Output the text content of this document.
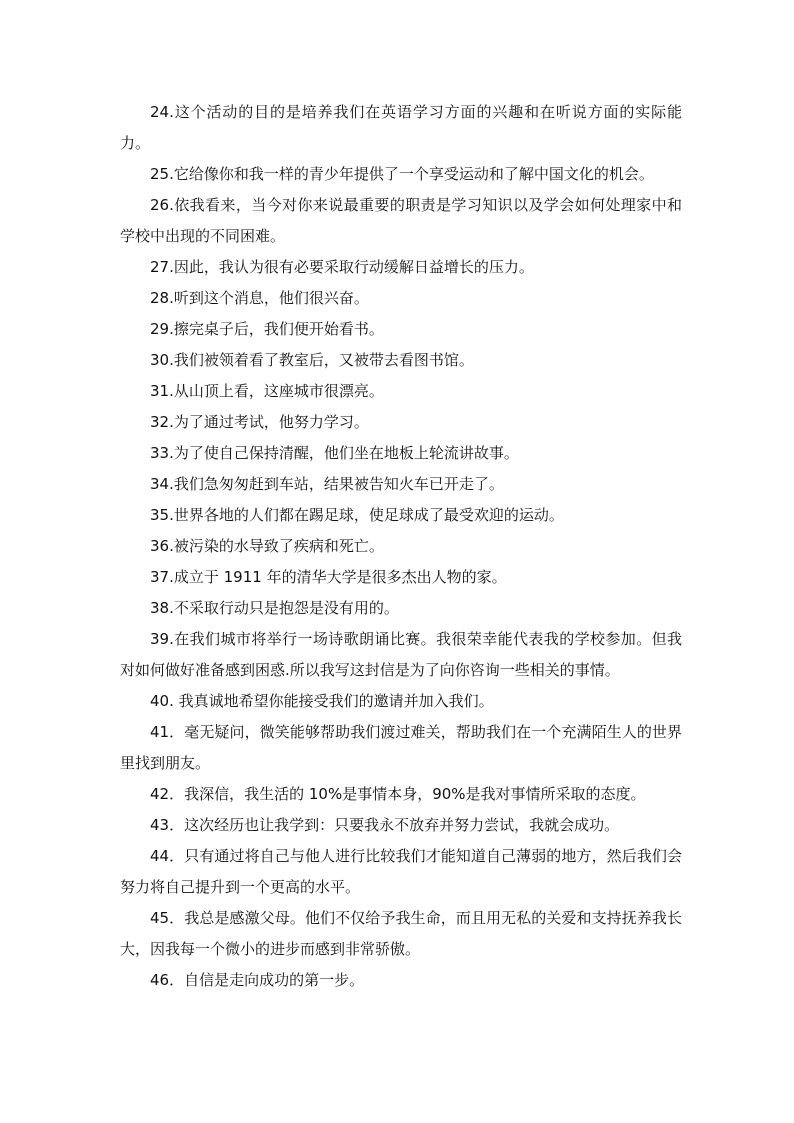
24.这个活动的目的是培养我们在英语学习方面的兴趣和在听说方面的实际能力。

25.它给像你和我一样的青少年提供了一个享受运动和了解中国文化的机会。

26.依我看来，当今对你来说最重要的职责是学习知识以及学会如何处理家中和学校中出现的不同困难。

27.因此，我认为很有必要采取行动缓解日益增长的压力。

28.听到这个消息，他们很兴奋。

29.擦完桌子后，我们便开始看书。

30.我们被领着看了教室后，又被带去看图书馆。

31.从山顶上看，这座城市很漂亮。

32.为了通过考试，他努力学习。

33.为了使自己保持清醒，他们坐在地板上轮流讲故事。

34.我们急匆匆赶到车站，结果被告知火车已开走了。

35.世界各地的人们都在踢足球，使足球成了最受欢迎的运动。

36.被污染的水导致了疾病和死亡。

37.成立于 1911 年的清华大学是很多杰出人物的家。

38.不采取行动只是抱怨是没有用的。

39.在我们城市将举行一场诗歌朗诵比赛。我很荣幸能代表我的学校参加。但我对如何做好准备感到困惑.所以我写这封信是为了向你咨询一些相关的事情。

40. 我真诚地希望你能接受我们的邀请并加入我们。

41．毫无疑问，微笑能够帮助我们渡过难关，帮助我们在一个充满陌生人的世界里找到朋友。

42．我深信，我生活的 10%是事情本身，90%是我对事情所采取的态度。

43．这次经历也让我学到：只要我永不放弃并努力尝试，我就会成功。

44．只有通过将自己与他人进行比较我们才能知道自己薄弱的地方，然后我们会努力将自己提升到一个更高的水平。

45．我总是感激父母。他们不仅给予我生命，而且用无私的关爱和支持抚养我长大，因我每一个微小的进步而感到非常骄傲。

46．自信是走向成功的第一步。
